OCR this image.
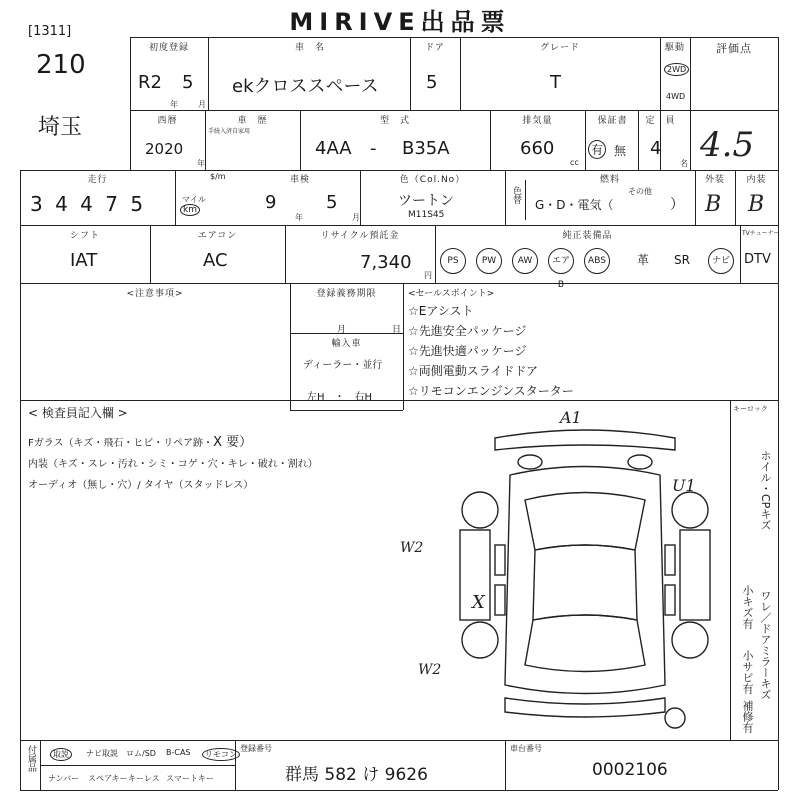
MIRIVE出品票
[1311]
210
埼玉
初度登録
R2 5
年	月
車　名
ekクロススペース
ドア
5
グレード
T
駆動
2WD
4WD
評価点
4.5
西暦
2020
年
車　歴
手続入済自家用
型　式
4AA - B35A
排気量
660
cc
保証書
有 無
定　員
4
名
走行	$/m
3 4 4 7 5	マイル
km
車検
9
年
5
月
色（Col.No）
ツートン
M11S45
色替
燃料
G・D・電気（
その他
）
外装	内装
B B
シフト
IAT
エアコン
AC
リサイクル預託金
7,340
円
純正装備品
PS	PW	AW	エアB
ABS	革	SR	ナビ
TVチューナー
DTV
<注意事項>	登録義務期限
月	日
輸入車
ディーラー・並行
左H　・　右H
<セールスポイント>
☆Eアシスト
☆先進安全パッケージ
☆先進快適パッケージ
☆両側電動スライドドア
☆リモコンエンジンスターター
< 検査員記入欄 >
Fガラス（キズ・飛石・ヒビ・リペア跡・X 要）
内装（キズ・スレ・汚れ・シミ・コゲ・穴・キレ・破れ・割れ）
オーディオ（無し・穴）/ タイヤ（スタッドレス）
A1
U1
W2
W2
X
キーロック
ホイル・CPキズ
ワレ／ドアミラーキズ
小キズ有
小サビ有
補修有
付属品	取説	ナビ取説 ロム/SD B-CAS	リモコン
ナンバー スペアキー キーレス スマートキー
登録番号
群馬 582 け 9626
車台番号
0002106
